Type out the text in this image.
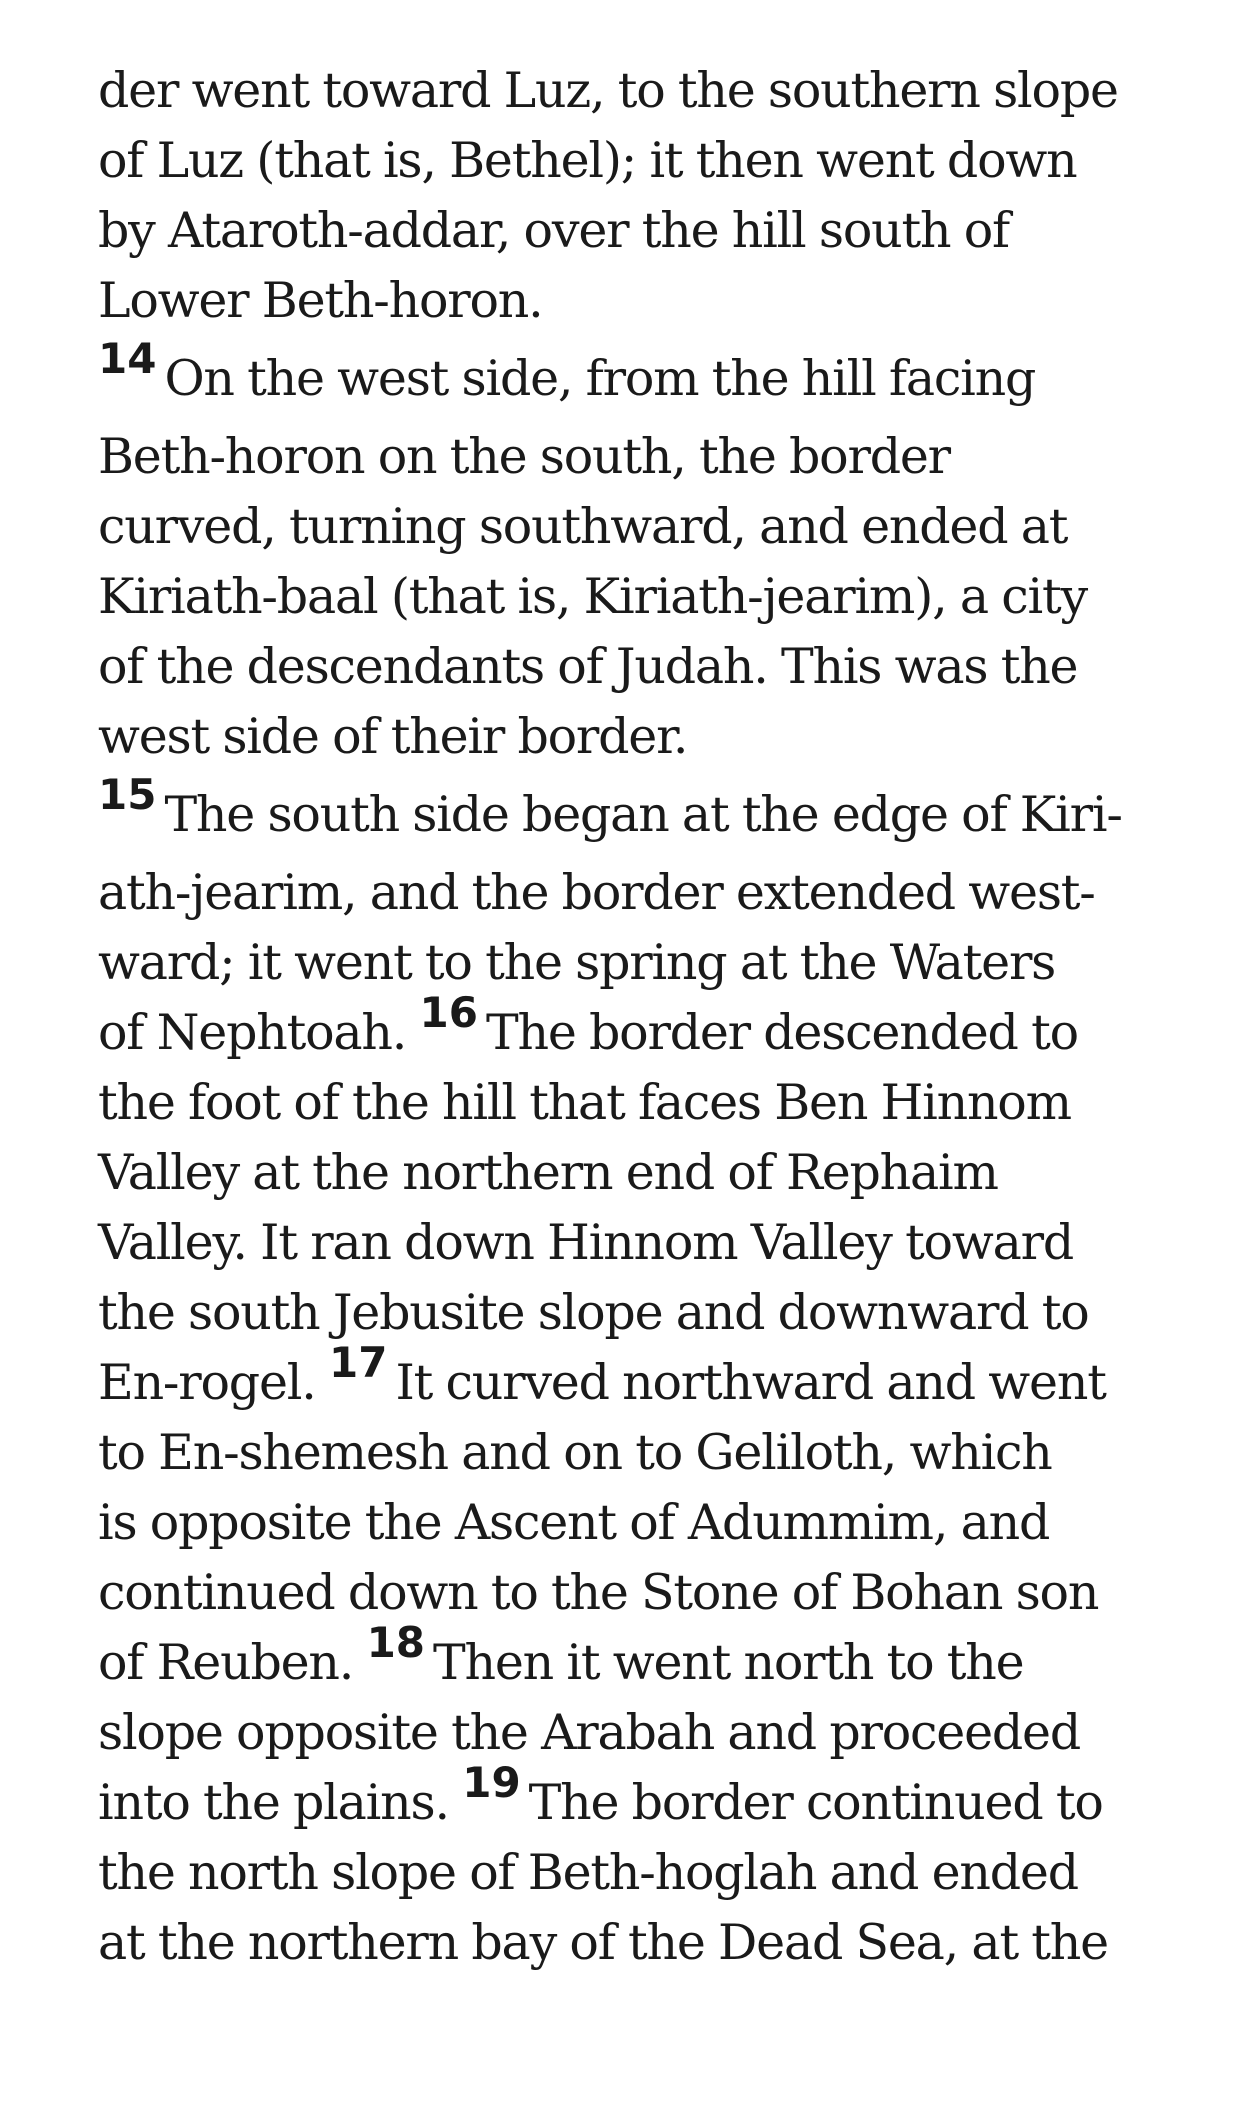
der went toward Luz, to the southern slope
of Luz (that is, Bethel); it then went down
by Ataroth-addar, over the hill south of
Lower Beth-horon.
14 On the west side, from the hill facing
Beth-horon on the south, the border
curved, turning southward, and ended at
Kiriath-baal (that is, Kiriath-jearim), a city
of the descendants of Judah. This was the
west side of their border.
15 The south side began at the edge of Kiri-
ath-jearim, and the border extended west-
ward; it went to the spring at the Waters
of Nephtoah. 16 The border descended to
the foot of the hill that faces Ben Hinnom
Valley at the northern end of Rephaim
Valley. It ran down Hinnom Valley toward
the south Jebusite slope and downward to
En-rogel. 17 It curved northward and went
to En-shemesh and on to Geliloth, which
is opposite the Ascent of Adummim, and
continued down to the Stone of Bohan son
of Reuben. 18 Then it went north to the
slope opposite the Arabah and proceeded
into the plains. 19 The border continued to
the north slope of Beth-hoglah and ended
at the northern bay of the Dead Sea, at the
